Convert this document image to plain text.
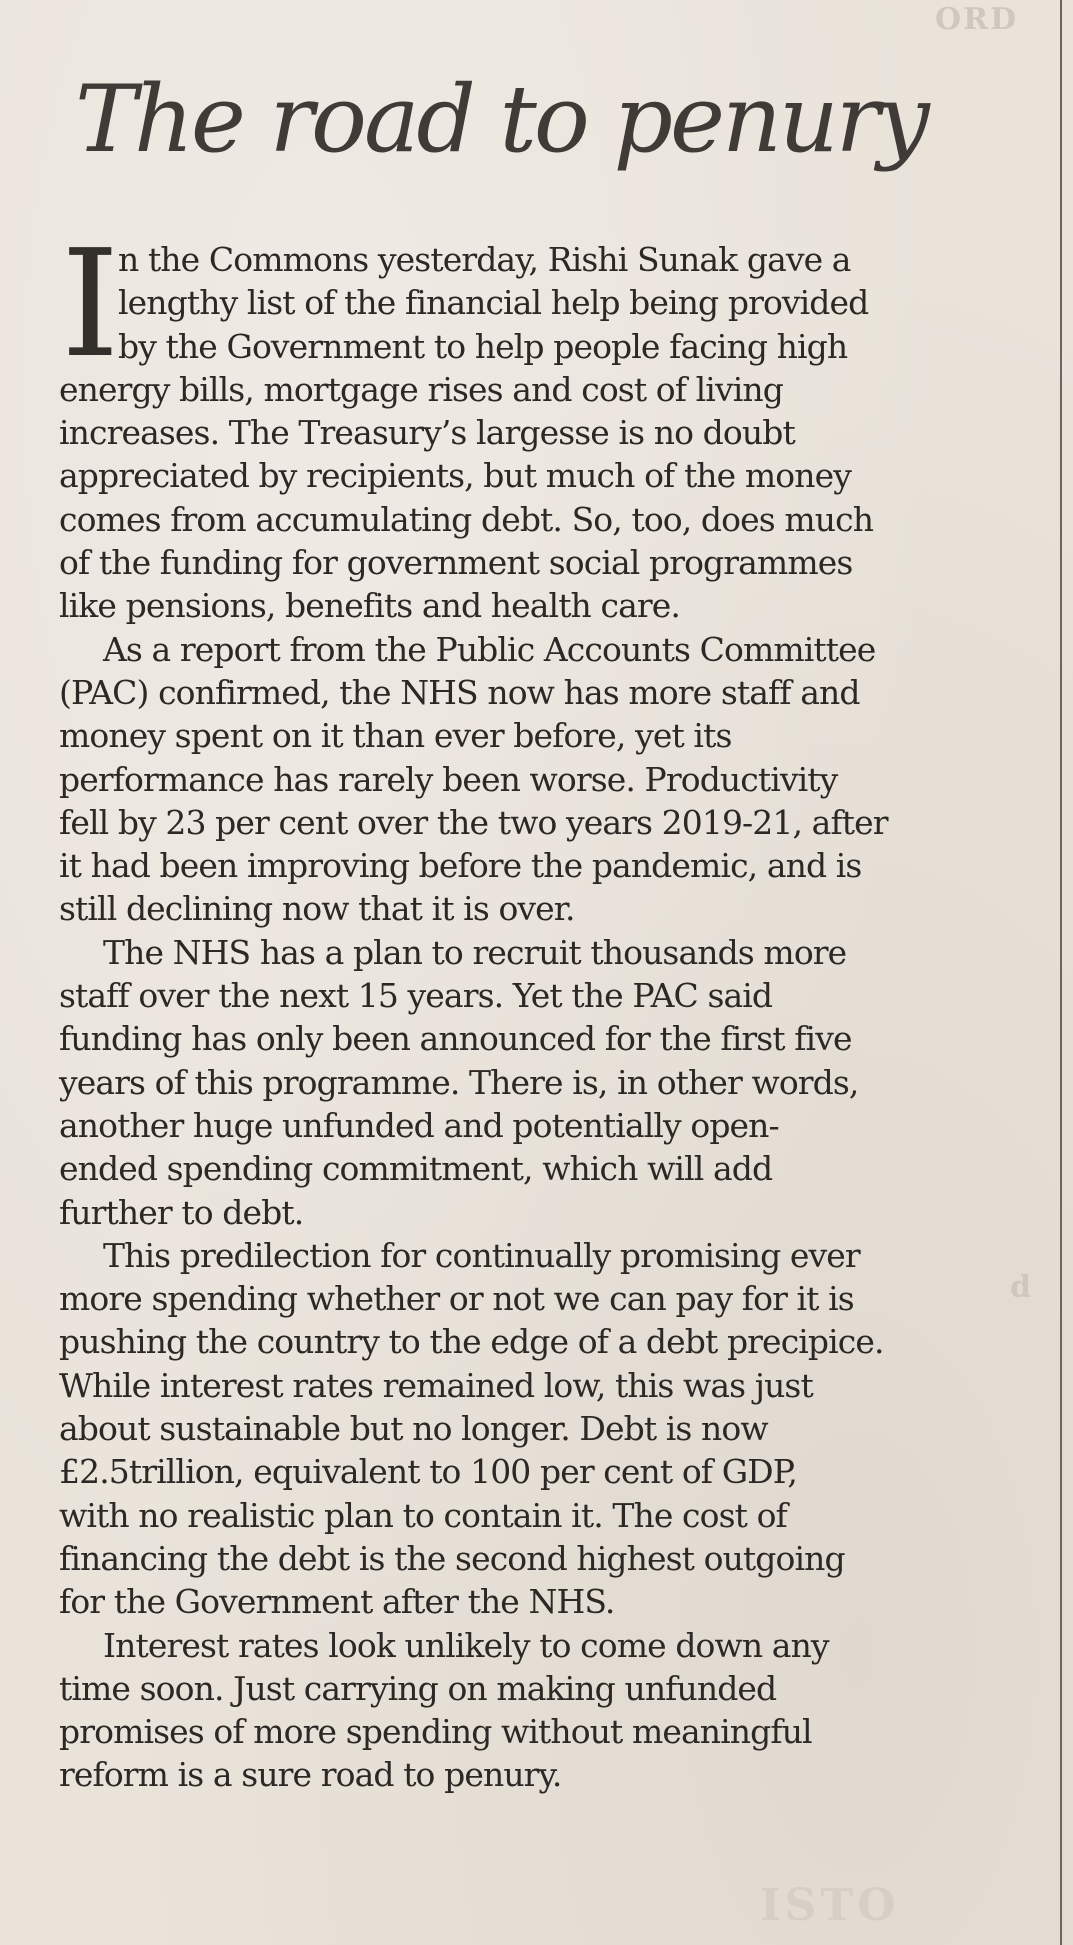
ORD
d
ISTO
The road to penury
I
n the Commons yesterday, Rishi Sunak gave a
lengthy list of the financial help being provided
by the Government to help people facing high
energy bills, mortgage rises and cost of living
increases. The Treasury’s largesse is no doubt
appreciated by recipients, but much of the money
comes from accumulating debt. So, too, does much
of the funding for government social programmes
like pensions, benefits and health care.
As a report from the Public Accounts Committee
(PAC) confirmed, the NHS now has more staff and
money spent on it than ever before, yet its
performance has rarely been worse. Productivity
fell by 23 per cent over the two years 2019-21, after
it had been improving before the pandemic, and is
still declining now that it is over.
The NHS has a plan to recruit thousands more
staff over the next 15 years. Yet the PAC said
funding has only been announced for the first five
years of this programme. There is, in other words,
another huge unfunded and potentially open-
ended spending commitment, which will add
further to debt.
This predilection for continually promising ever
more spending whether or not we can pay for it is
pushing the country to the edge of a debt precipice.
While interest rates remained low, this was just
about sustainable but no longer. Debt is now
£2.5trillion, equivalent to 100 per cent of GDP,
with no realistic plan to contain it. The cost of
financing the debt is the second highest outgoing
for the Government after the NHS.
Interest rates look unlikely to come down any
time soon. Just carrying on making unfunded
promises of more spending without meaningful
reform is a sure road to penury.
